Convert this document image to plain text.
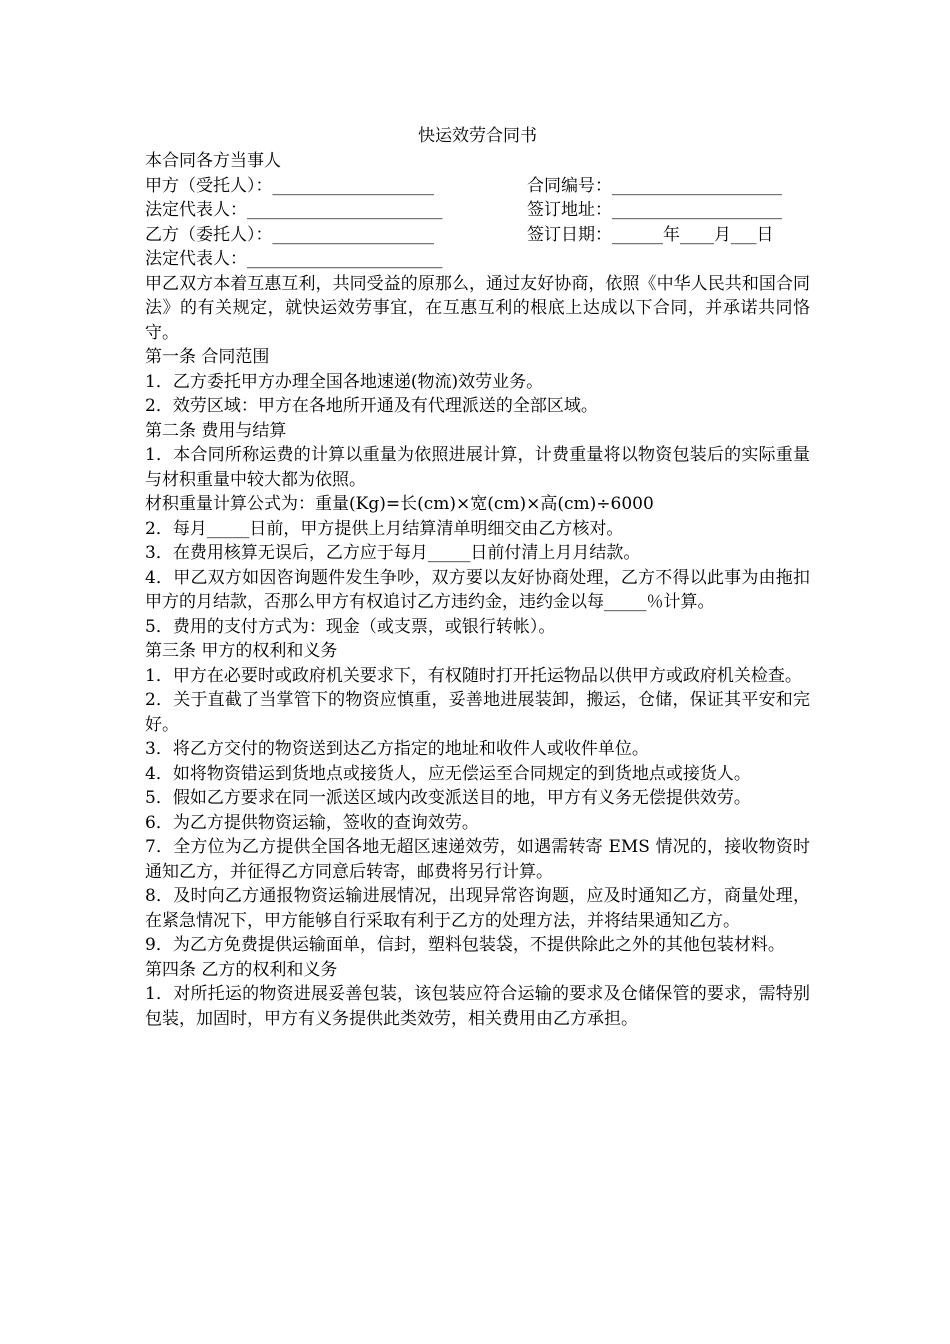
快运效劳合同书
本合同各方当事人
甲方（受托人）：___________________	合同编号：____________________
法定代表人：_______________________	签订地址：____________________
乙方（委托人）：___________________	签订日期：______年____月___日
法定代表人：_______________________

甲乙双方本着互惠互利，共同受益的原那么，通过友好协商，依照《中华人民共和国合同法》的有关规定，就快运效劳事宜，在互惠互利的根底上达成以下合同，并承诺共同恪守。

第一条 合同范围

1．乙方委托甲方办理全国各地速递(物流)效劳业务。

2．效劳区域：甲方在各地所开通及有代理派送的全部区域。

第二条 费用与结算

1．本合同所称运费的计算以重量为依照进展计算，计费重量将以物资包装后的实际重量与材积重量中较大都为依照。

材积重量计算公式为：重量(Kg)=长(cm)×宽(cm)×高(cm)÷6000

2．每月_____日前，甲方提供上月结算清单明细交由乙方核对。

3．在费用核算无误后，乙方应于每月_____日前付清上月月结款。

4．甲乙双方如因咨询题件发生争吵，双方要以友好协商处理，乙方不得以此事为由拖扣甲方的月结款，否那么甲方有权追讨乙方违约金，违约金以每_____％计算。

5．费用的支付方式为：现金（或支票，或银行转帐）。

第三条 甲方的权利和义务

1．甲方在必要时或政府机关要求下，有权随时打开托运物品以供甲方或政府机关检查。

2．关于直截了当掌管下的物资应慎重，妥善地进展装卸，搬运，仓储，保证其平安和完好。

3．将乙方交付的物资送到达乙方指定的地址和收件人或收件单位。

4．如将物资错运到货地点或接货人，应无偿运至合同规定的到货地点或接货人。

5．假如乙方要求在同一派送区域内改变派送目的地，甲方有义务无偿提供效劳。

6．为乙方提供物资运输，签收的查询效劳。

7．全方位为乙方提供全国各地无超区速递效劳，如遇需转寄 EMS 情况的，接收物资时通知乙方，并征得乙方同意后转寄，邮费将另行计算。

8．及时向乙方通报物资运输进展情况，出现异常咨询题，应及时通知乙方，商量处理，在紧急情况下，甲方能够自行采取有利于乙方的处理方法，并将结果通知乙方。

9．为乙方免费提供运输面单，信封，塑料包装袋，不提供除此之外的其他包装材料。

第四条 乙方的权利和义务

1．对所托运的物资进展妥善包装，该包装应符合运输的要求及仓储保管的要求，需特别包装，加固时，甲方有义务提供此类效劳，相关费用由乙方承担。
